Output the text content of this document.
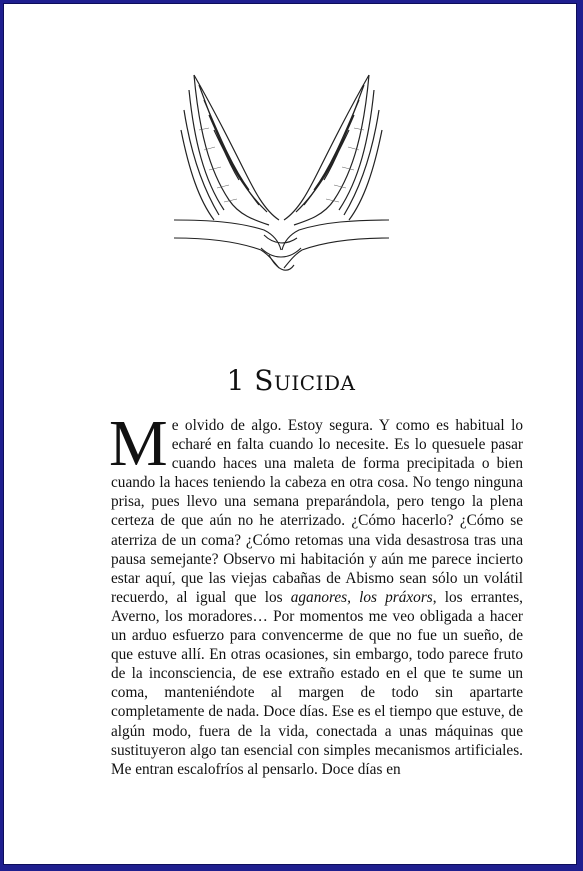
1 Suicida

Me olvido de algo. Estoy segura. Y como es habitual lo echaré en falta cuando lo necesite. Es lo quesuele pasar cuando haces una maleta de forma precipitada o bien cuando la haces teniendo la cabeza en otra cosa. No tengo ninguna prisa, pues llevo una semana preparándola, pero tengo la plena certeza de que aún no he aterrizado. ¿Cómo hacerlo? ¿Cómo se aterriza de un coma? ¿Cómo retomas una vida desastrosa tras una pausa semejante? Observo mi habitación y aún me parece incierto estar aquí, que las viejas cabañas de Abismo sean sólo un volátil recuerdo, al igual que los aganores, los práxors, los errantes, Averno, los moradores… Por momentos me veo obligada a hacer un arduo esfuerzo para convencerme de que no fue un sueño, de que estuve allí. En otras ocasiones, sin embargo, todo parece fruto de la inconsciencia, de ese extraño estado en el que te sume un coma, manteniéndote al margen de todo sin apartarte completamente de nada. Doce días. Ese es el tiempo que estuve, de algún modo, fuera de la vida, conectada a unas máquinas que sustituyeron algo tan esencial con simples mecanismos artificiales. Me entran escalofríos al pensarlo. Doce días en
